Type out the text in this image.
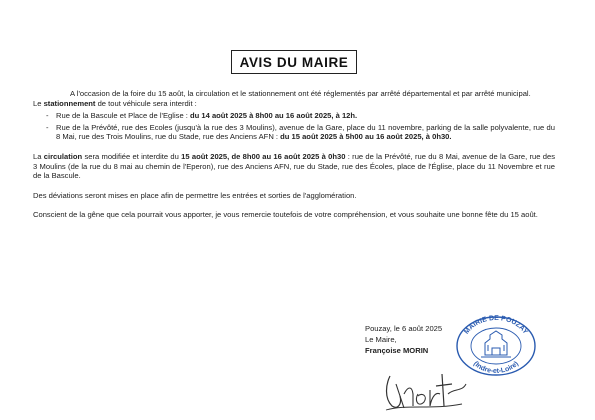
AVIS DU MAIRE

A l'occasion de la foire du 15 août, la circulation et le stationnement ont été réglementés par arrêté départemental et par arrêté municipal.

Le stationnement de tout véhicule sera interdit :

- Rue de la Bascule et Place de l'Eglise : du 14 août 2025 à 8h00 au 16 août 2025, à 12h.
- Rue de la Prévôté, rue des Ecoles (jusqu'à la rue des 3 Moulins), avenue de la Gare, place du 11 novembre, parking de la salle polyvalente, rue du 8 Mai, rue des Trois Moulins, rue du Stade, rue des Anciens AFN : du 15 août 2025 à 5h00 au 16 août 2025, à 0h30.

La circulation sera modifiée et interdite du 15 août 2025, de 8h00 au 16 août 2025 à 0h30 : rue de la Prévôté, rue du 8 Mai, avenue de la Gare, rue des 3 Moulins (de la rue du 8 mai au chemin de l'Eperon), rue des Anciens AFN, rue du Stade, rue des Écoles, place de l'Église, place du 11 Novembre et rue de la Bascule.

Des déviations seront mises en place afin de permettre les entrées et sorties de l'agglomération.

Conscient de la gêne que cela pourrait vous apporter, je vous remercie toutefois de votre compréhension, et vous souhaite une bonne fête du 15 août.

Pouzay, le 6 août 2025
Le Maire,
Françoise MORIN
MAIRIE DE POUZAY
(Indre-et-Loire)
